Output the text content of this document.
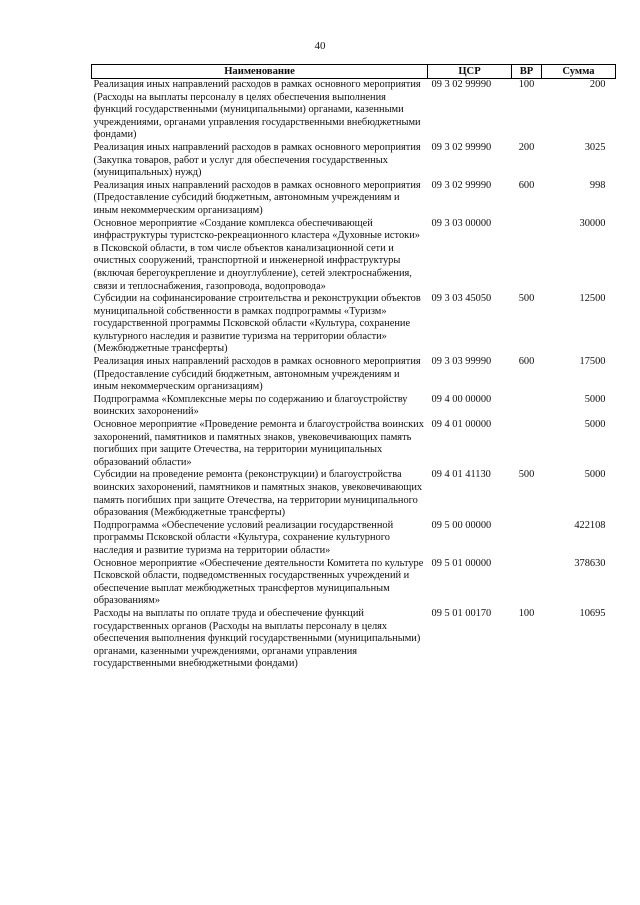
40
Наименование	ЦСР	ВР	Сумма
Реализация иных направлений расходов в рамках основного мероприятия (Расходы на выплаты персоналу в целях обеспечения выполнения функций государственными (муниципальными) органами, казенными учреждениями, органами управления государственными внебюджетными фондами)	09 3 02 99990	100	200
Реализация иных направлений расходов в рамках основного мероприятия (Закупка товаров, работ и услуг для обеспечения государственных (муниципальных) нужд)	09 3 02 99990	200	3025
Реализация иных направлений расходов в рамках основного мероприятия (Предоставление субсидий бюджетным, автономным учреждениям и иным некоммерческим организациям)	09 3 02 99990	600	998
Основное мероприятие «Создание комплекса обеспечивающей инфраструктуры туристско-рекреационного кластера «Духовные истоки» в Псковской области, в том числе объектов канализационной сети и очистных сооружений, транспортной и инженерной инфраструктуры (включая берегоукрепление и дноуглубление), сетей электроснабжения, связи и теплоснабжения, газопровода, водопровода»	09 3 03 00000		30000
Субсидии на софинансирование строительства и реконструкции объектов муниципальной собственности в рамках подпрограммы «Туризм» государственной программы Псковской области «Культура, сохранение культурного наследия и развитие туризма на территории области» (Межбюджетные трансферты)	09 3 03 45050	500	12500
Реализация иных направлений расходов в рамках основного мероприятия (Предоставление субсидий бюджетным, автономным учреждениям и иным некоммерческим организациям)	09 3 03 99990	600	17500
Подпрограмма «Комплексные меры по содержанию и благоустройству воинских захоронений»	09 4 00 00000		5000
Основное мероприятие «Проведение ремонта и благоустройства воинских захоронений, памятников и памятных знаков, увековечивающих память погибших при защите Отечества, на территории муниципальных образований области»	09 4 01 00000		5000
Субсидии на проведение ремонта (реконструкции) и благоустройства воинских захоронений, памятников и памятных знаков, увековечивающих память погибших при защите Отечества, на территории муниципального образования (Межбюджетные трансферты)	09 4 01 41130	500	5000
Подпрограмма «Обеспечение условий реализации государственной программы Псковской области «Культура, сохранение культурного наследия и развитие туризма на территории области»	09 5 00 00000		422108
Основное мероприятие «Обеспечение деятельности Комитета по культуре Псковской области, подведомственных государственных учреждений и обеспечение выплат межбюджетных трансфертов муниципальным образованиям»	09 5 01 00000		378630
Расходы на выплаты по оплате труда и обеспечение функций государственных органов (Расходы на выплаты персоналу в целях обеспечения выполнения функций государственными (муниципальными) органами, казенными учреждениями, органами управления государственными внебюджетными фондами)	09 5 01 00170	100	10695
